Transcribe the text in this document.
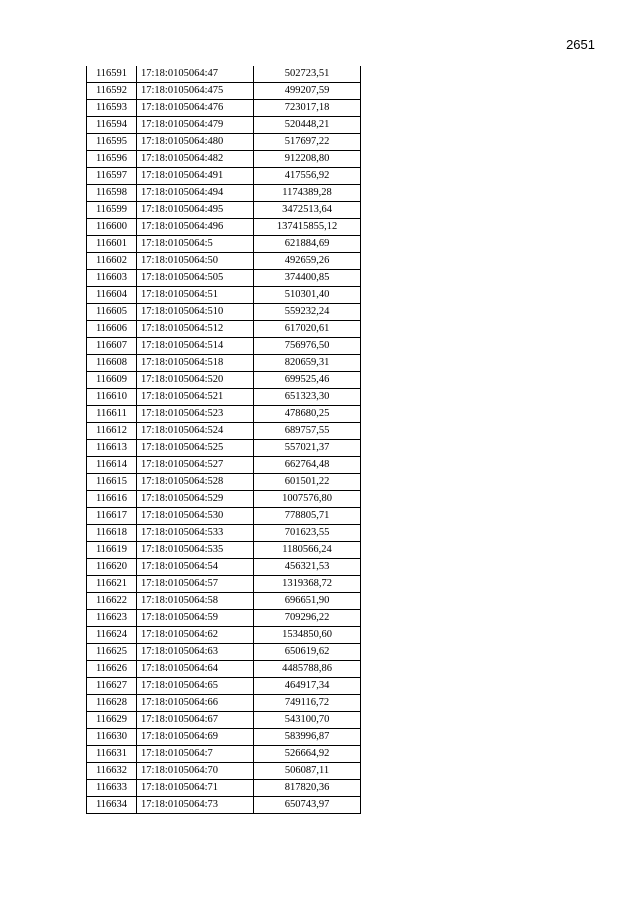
2651
116591	17:18:0105064:47	502723,51
116592	17:18:0105064:475	499207,59
116593	17:18:0105064:476	723017,18
116594	17:18:0105064:479	520448,21
116595	17:18:0105064:480	517697,22
116596	17:18:0105064:482	912208,80
116597	17:18:0105064:491	417556,92
116598	17:18:0105064:494	1174389,28
116599	17:18:0105064:495	3472513,64
116600	17:18:0105064:496	137415855,12
116601	17:18:0105064:5	621884,69
116602	17:18:0105064:50	492659,26
116603	17:18:0105064:505	374400,85
116604	17:18:0105064:51	510301,40
116605	17:18:0105064:510	559232,24
116606	17:18:0105064:512	617020,61
116607	17:18:0105064:514	756976,50
116608	17:18:0105064:518	820659,31
116609	17:18:0105064:520	699525,46
116610	17:18:0105064:521	651323,30
116611	17:18:0105064:523	478680,25
116612	17:18:0105064:524	689757,55
116613	17:18:0105064:525	557021,37
116614	17:18:0105064:527	662764,48
116615	17:18:0105064:528	601501,22
116616	17:18:0105064:529	1007576,80
116617	17:18:0105064:530	778805,71
116618	17:18:0105064:533	701623,55
116619	17:18:0105064:535	1180566,24
116620	17:18:0105064:54	456321,53
116621	17:18:0105064:57	1319368,72
116622	17:18:0105064:58	696651,90
116623	17:18:0105064:59	709296,22
116624	17:18:0105064:62	1534850,60
116625	17:18:0105064:63	650619,62
116626	17:18:0105064:64	4485788,86
116627	17:18:0105064:65	464917,34
116628	17:18:0105064:66	749116,72
116629	17:18:0105064:67	543100,70
116630	17:18:0105064:69	583996,87
116631	17:18:0105064:7	526664,92
116632	17:18:0105064:70	506087,11
116633	17:18:0105064:71	817820,36
116634	17:18:0105064:73	650743,97
